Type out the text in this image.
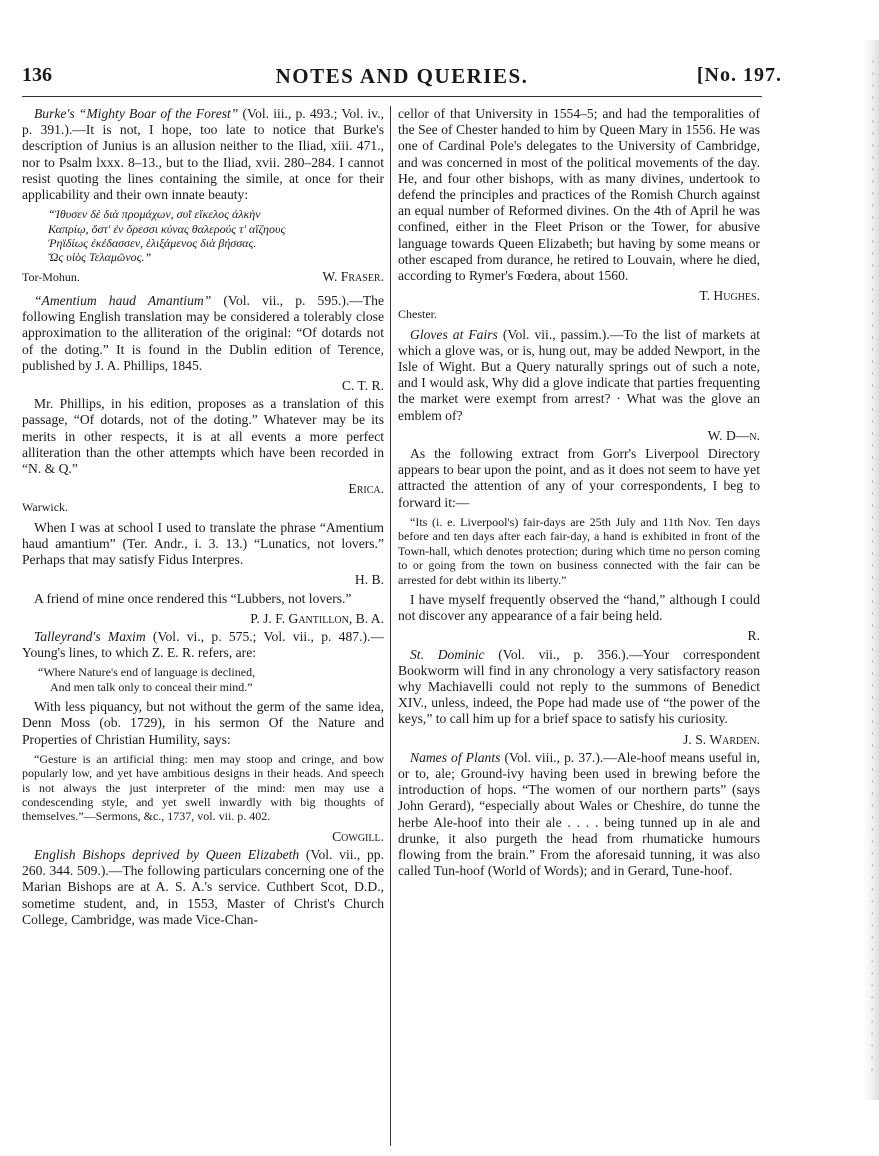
136	NOTES AND QUERIES.	[No. 197.

Burke's “Mighty Boar of the Forest” (Vol. iii., p. 493.; Vol. iv., p. 391.).—It is not, I hope, too late to notice that Burke's description of Junius is an allusion neither to the Iliad, xiii. 471., nor to Psalm lxxx. 8–13., but to the Iliad, xvii. 280–284. I cannot resist quoting the lines containing the simile, at once for their applicability and their own innate beauty:

“Ἰθυσεν δὲ διὰ προμάχων, συῒ εἴκελος ἀλκὴν
Καπρίῳ, ὅστ' ἐν ὄρεσσι κύνας θαλερούς τ' αἴζηους
Ῥηϊδίως ἐκέδασσεν, ἑλιξάμενος διὰ βήσσας.
Ὤς υἱὸς Τελαμῶνος.”
Tor-Mohun.	W. Fraser.

“Amentium haud Amantium” (Vol. vii., p. 595.).—The following English translation may be considered a tolerably close approximation to the alliteration of the original: “Of dotards not of the doting.” It is found in the Dublin edition of Terence, published by J. A. Phillips, 1845.

C. T. R.

Mr. Phillips, in his edition, proposes as a translation of this passage, “Of dotards, not of the doting.” Whatever may be its merits in other respects, it is at all events a more perfect alliteration than the other attempts which have been recorded in “N. & Q.”

Erica.

Warwick.

When I was at school I used to translate the phrase “Amentium haud amantium” (Ter. Andr., i. 3. 13.) “Lunatics, not lovers.” Perhaps that may satisfy Fidus Interpres.

H. B.

A friend of mine once rendered this “Lubbers, not lovers.”

P. J. F. Gantillon, B. A.

Talleyrand's Maxim (Vol. vi., p. 575.; Vol. vii., p. 487.).—Young's lines, to which Z. E. R. refers, are:

“Where Nature's end of language is declined,
And men talk only to conceal their mind.”

With less piquancy, but not without the germ of the same idea, Denn Moss (ob. 1729), in his sermon Of the Nature and Properties of Christian Humility, says:

“Gesture is an artificial thing: men may stoop and cringe, and bow popularly low, and yet have ambitious designs in their heads. And speech is not always the just interpreter of the mind: men may use a condescending style, and yet swell inwardly with big thoughts of themselves.”—Sermons, &c., 1737, vol. vii. p. 402.

Cowgill.

English Bishops deprived by Queen Elizabeth (Vol. vii., pp. 260. 344. 509.).—The following particulars concerning one of the Marian Bishops are at A. S. A.'s service. Cuthbert Scot, D.D., sometime student, and, in 1553, Master of Christ's Church College, Cambridge, was made Vice-Chan-

cellor of that University in 1554–5; and had the temporalities of the See of Chester handed to him by Queen Mary in 1556. He was one of Cardinal Pole's delegates to the University of Cambridge, and was concerned in most of the political movements of the day. He, and four other bishops, with as many divines, undertook to defend the principles and practices of the Romish Church against an equal number of Reformed divines. On the 4th of April he was confined, either in the Fleet Prison or the Tower, for abusive language towards Queen Elizabeth; but having by some means or other escaped from durance, he retired to Louvain, where he died, according to Rymer's Fœdera, about 1560.

T. Hughes.

Chester.

Gloves at Fairs (Vol. vii., passim.).—To the list of markets at which a glove was, or is, hung out, may be added Newport, in the Isle of Wight. But a Query naturally springs out of such a note, and I would ask, Why did a glove indicate that parties frequenting the market were exempt from arrest? · What was the glove an emblem of?

W. D—n.

As the following extract from Gorr's Liverpool Directory appears to bear upon the point, and as it does not seem to have yet attracted the attention of any of your correspondents, I beg to forward it:—

“Its (i. e. Liverpool's) fair-days are 25th July and 11th Nov. Ten days before and ten days after each fair-day, a hand is exhibited in front of the Town-hall, which denotes protection; during which time no person coming to or going from the town on business connected with the fair can be arrested for debt within its liberty.”

I have myself frequently observed the “hand,” although I could not discover any appearance of a fair being held.

R.

St. Dominic (Vol. vii., p. 356.).—Your correspondent Bookworm will find in any chronology a very satisfactory reason why Machiavelli could not reply to the summons of Benedict XIV., unless, indeed, the Pope had made use of “the power of the keys,” to call him up for a brief space to satisfy his curiosity.

J. S. Warden.

Names of Plants (Vol. viii., p. 37.).—Ale-hoof means useful in, or to, ale; Ground-ivy having been used in brewing before the introduction of hops. “The women of our northern parts” (says John Gerard), “especially about Wales or Cheshire, do tunne the herbe Ale-hoof into their ale . . . . being tunned up in ale and drunke, it also purgeth the head from rhumaticke humours flowing from the brain.” From the aforesaid tunning, it was also called Tun-hoof (World of Words); and in Gerard, Tune-hoof.
